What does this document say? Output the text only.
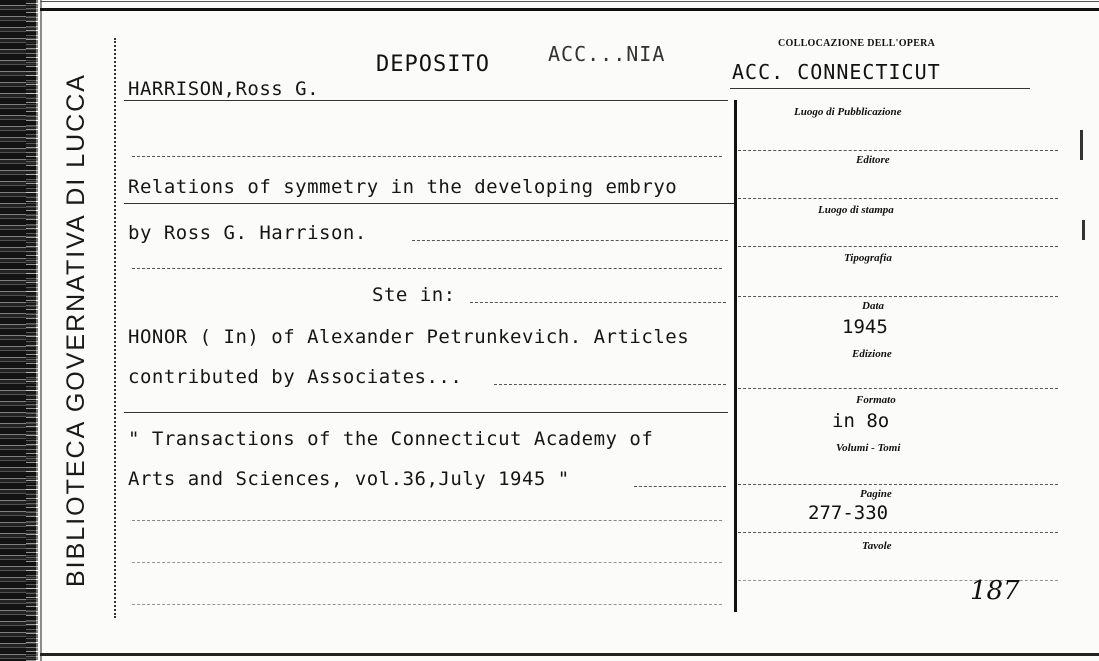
BIBLIOTECA GOVERNATIVA DI LUCCA
DEPOSITO	ACC...NIA
HARRISON,Ross G.
Relations of symmetry in the developing embryo
by Ross G. Harrison.
Ste in:
HONOR ( In) of Alexander Petrunkevich. Articles
contributed by Associates...
" Transactions of the Connecticut Academy of
Arts and Sciences, vol.36,July 1945 "
COLLOCAZIONE DELL'OPERA
ACC. CONNECTICUT
Luogo di Pubblicazione
Editore
Luogo di stampa
Tipografia
Data
1945
Edizione
Formato
in 8o
Volumi - Tomi
Pagine
277-330
Tavole
187
